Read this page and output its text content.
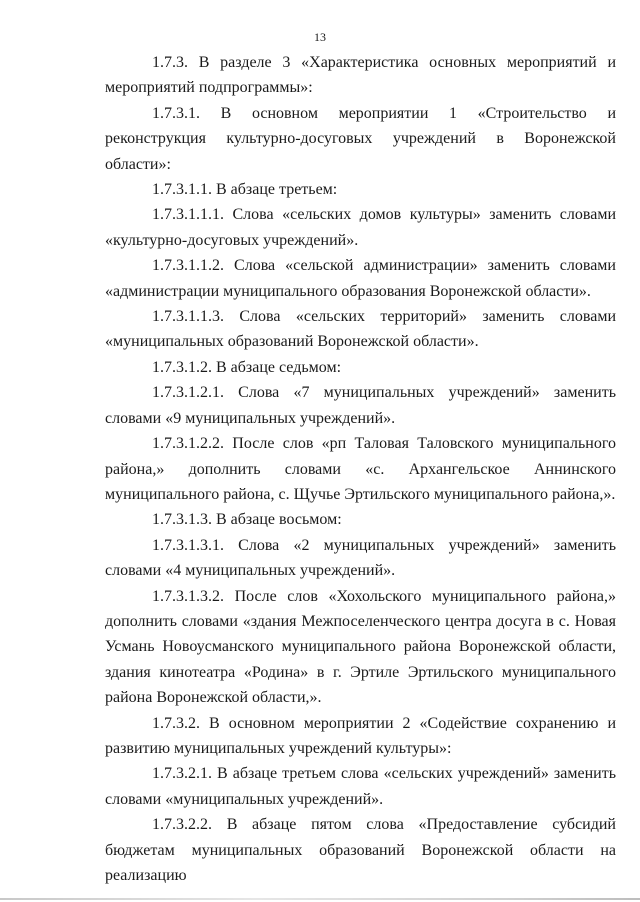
13

1.7.3. В разделе 3 «Характеристика основных мероприятий и мероприятий подпрограммы»:

1.7.3.1. В основном мероприятии 1 «Строительство и реконструкция культурно-досуговых учреждений в Воронежской области»:

1.7.3.1.1. В абзаце третьем:

1.7.3.1.1.1. Слова «сельских домов культуры» заменить словами «культурно-досуговых учреждений».

1.7.3.1.1.2. Слова «сельской администрации» заменить словами «администрации муниципального образования Воронежской области».

1.7.3.1.1.3. Слова «сельских территорий» заменить словами «муниципальных образований Воронежской области».

1.7.3.1.2. В абзаце седьмом:

1.7.3.1.2.1. Слова «7 муниципальных учреждений» заменить словами «9 муниципальных учреждений».

1.7.3.1.2.2. После слов «рп Таловая Таловского муниципального района,» дополнить словами «с. Архангельское Аннинского муниципального района, с. Щучье Эртильского муниципального района,».

1.7.3.1.3. В абзаце восьмом:

1.7.3.1.3.1. Слова «2 муниципальных учреждений» заменить словами «4 муниципальных учреждений».

1.7.3.1.3.2. После слов «Хохольского муниципального района,» дополнить словами «здания Межпоселенческого центра досуга в с. Новая Усмань Новоусманского муниципального района Воронежской области, здания кинотеатра «Родина» в г. Эртиле Эртильского муниципального района Воронежской области,».

1.7.3.2. В основном мероприятии 2 «Содействие сохранению и развитию муниципальных учреждений культуры»:

1.7.3.2.1. В абзаце третьем слова «сельских учреждений» заменить словами «муниципальных учреждений».

1.7.3.2.2. В абзаце пятом слова «Предоставление субсидий бюджетам муниципальных образований Воронежской области на реализацию
